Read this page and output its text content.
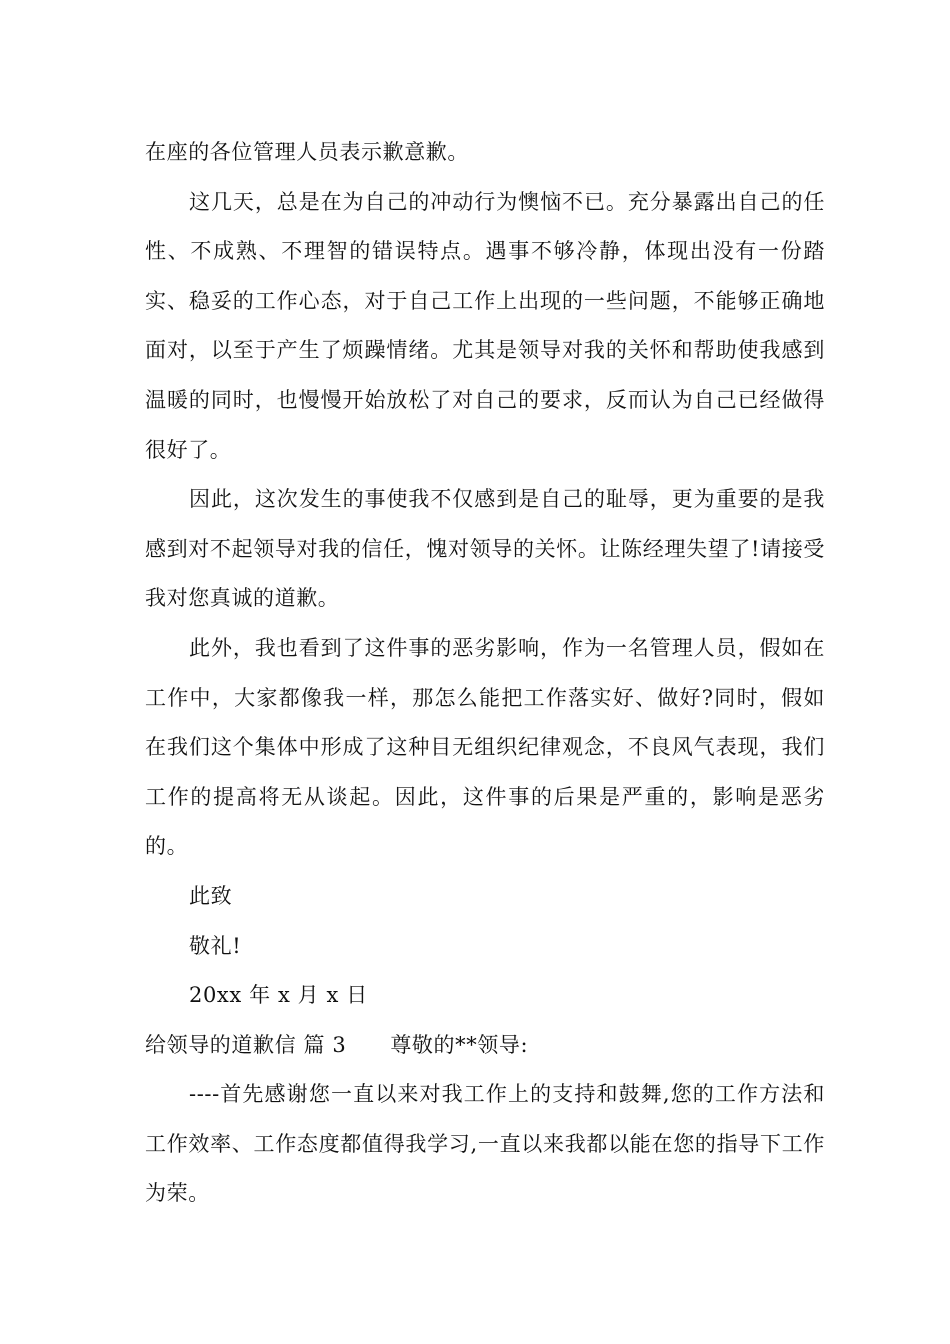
在座的各位管理人员表示歉意歉。

这几天，总是在为自己的冲动行为懊恼不已。充分暴露出自己的任性、不成熟、不理智的错误特点。遇事不够冷静，体现出没有一份踏实、稳妥的工作心态，对于自己工作上出现的一些问题，不能够正确地面对，以至于产生了烦躁情绪。尤其是领导对我的关怀和帮助使我感到温暖的同时，也慢慢开始放松了对自己的要求，反而认为自己已经做得很好了。

因此，这次发生的事使我不仅感到是自己的耻辱，更为重要的是我感到对不起领导对我的信任，愧对领导的关怀。让陈经理失望了!请接受我对您真诚的道歉。

此外，我也看到了这件事的恶劣影响，作为一名管理人员，假如在工作中，大家都像我一样，那怎么能把工作落实好、做好?同时，假如在我们这个集体中形成了这种目无组织纪律观念，不良风气表现，我们工作的提高将无从谈起。因此，这件事的后果是严重的，影响是恶劣的。

此致

敬礼!

20xx 年 x 月 x 日

给领导的道歉信 篇 3 尊敬的**领导:

----首先感谢您一直以来对我工作上的支持和鼓舞,您的工作方法和工作效率、工作态度都值得我学习,一直以来我都以能在您的指导下工作为荣。
